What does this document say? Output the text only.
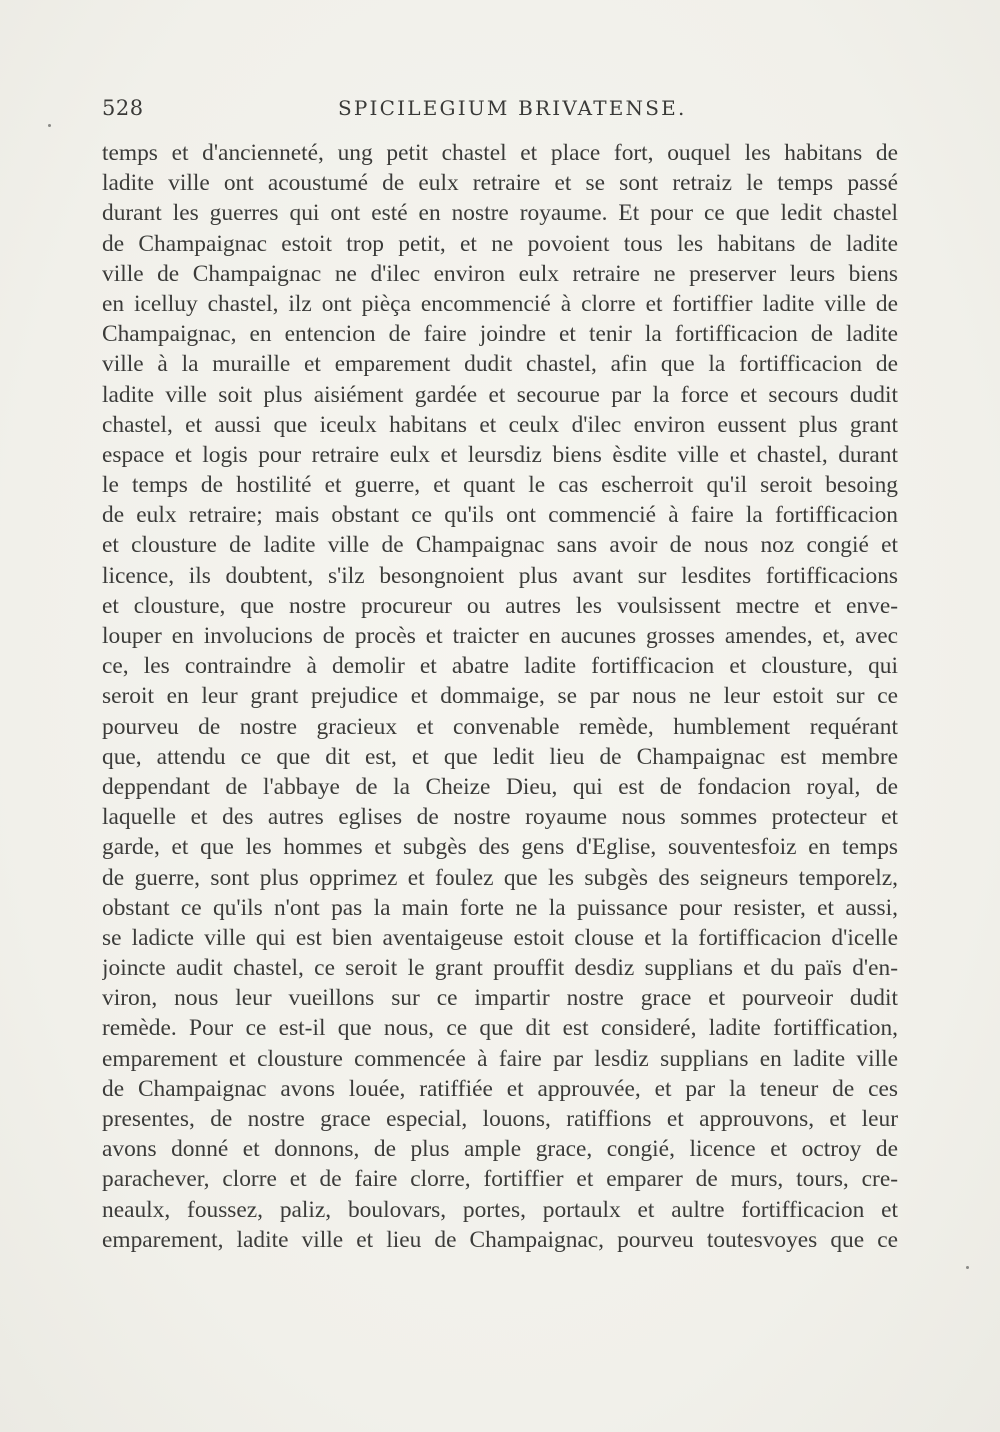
528	SPICILEGIUM BRIVATENSE.
temps et d'ancienneté, ung petit chastel et place fort, ouquel les habitans de
ladite ville ont acoustumé de eulx retraire et se sont retraiz le temps passé
durant les guerres qui ont esté en nostre royaume. Et pour ce que ledit chastel
de Champaignac estoit trop petit, et ne povoient tous les habitans de ladite
ville de Champaignac ne d'ilec environ eulx retraire ne preserver leurs biens
en icelluy chastel, ilz ont pièça encommencié à clorre et fortiffier ladite ville de
Champaignac, en entencion de faire joindre et tenir la fortifficacion de ladite
ville à la muraille et emparement dudit chastel, afin que la fortifficacion de
ladite ville soit plus aisiément gardée et secourue par la force et secours dudit
chastel, et aussi que iceulx habitans et ceulx d'ilec environ eussent plus grant
espace et logis pour retraire eulx et leursdiz biens èsdite ville et chastel, durant
le temps de hostilité et guerre, et quant le cas escherroit qu'il seroit besoing
de eulx retraire; mais obstant ce qu'ils ont commencié à faire la fortifficacion
et clousture de ladite ville de Champaignac sans avoir de nous noz congié et
licence, ils doubtent, s'ilz besongnoient plus avant sur lesdites fortifficacions
et clousture, que nostre procureur ou autres les voulsissent mectre et enve-
louper en involucions de procès et traicter en aucunes grosses amendes, et, avec
ce, les contraindre à demolir et abatre ladite fortifficacion et clousture, qui
seroit en leur grant prejudice et dommaige, se par nous ne leur estoit sur ce
pourveu de nostre gracieux et convenable remède, humblement requérant
que, attendu ce que dit est, et que ledit lieu de Champaignac est membre
deppendant de l'abbaye de la Cheize Dieu, qui est de fondacion royal, de
laquelle et des autres eglises de nostre royaume nous sommes protecteur et
garde, et que les hommes et subgès des gens d'Eglise, souventesfoiz en temps
de guerre, sont plus opprimez et foulez que les subgès des seigneurs temporelz,
obstant ce qu'ils n'ont pas la main forte ne la puissance pour resister, et aussi,
se ladicte ville qui est bien aventaigeuse estoit clouse et la fortifficacion d'icelle
joincte audit chastel, ce seroit le grant prouffit desdiz supplians et du païs d'en-
viron, nous leur vueillons sur ce impartir nostre grace et pourveoir dudit
remède. Pour ce est-il que nous, ce que dit est consideré, ladite fortiffication,
emparement et clousture commencée à faire par lesdiz supplians en ladite ville
de Champaignac avons louée, ratiffiée et approuvée, et par la teneur de ces
presentes, de nostre grace especial, louons, ratiffions et approuvons, et leur
avons donné et donnons, de plus ample grace, congié, licence et octroy de
parachever, clorre et de faire clorre, fortiffier et emparer de murs, tours, cre-
neaulx, foussez, paliz, boulovars, portes, portaulx et aultre fortifficacion et
emparement, ladite ville et lieu de Champaignac, pourveu toutesvoyes que ce
